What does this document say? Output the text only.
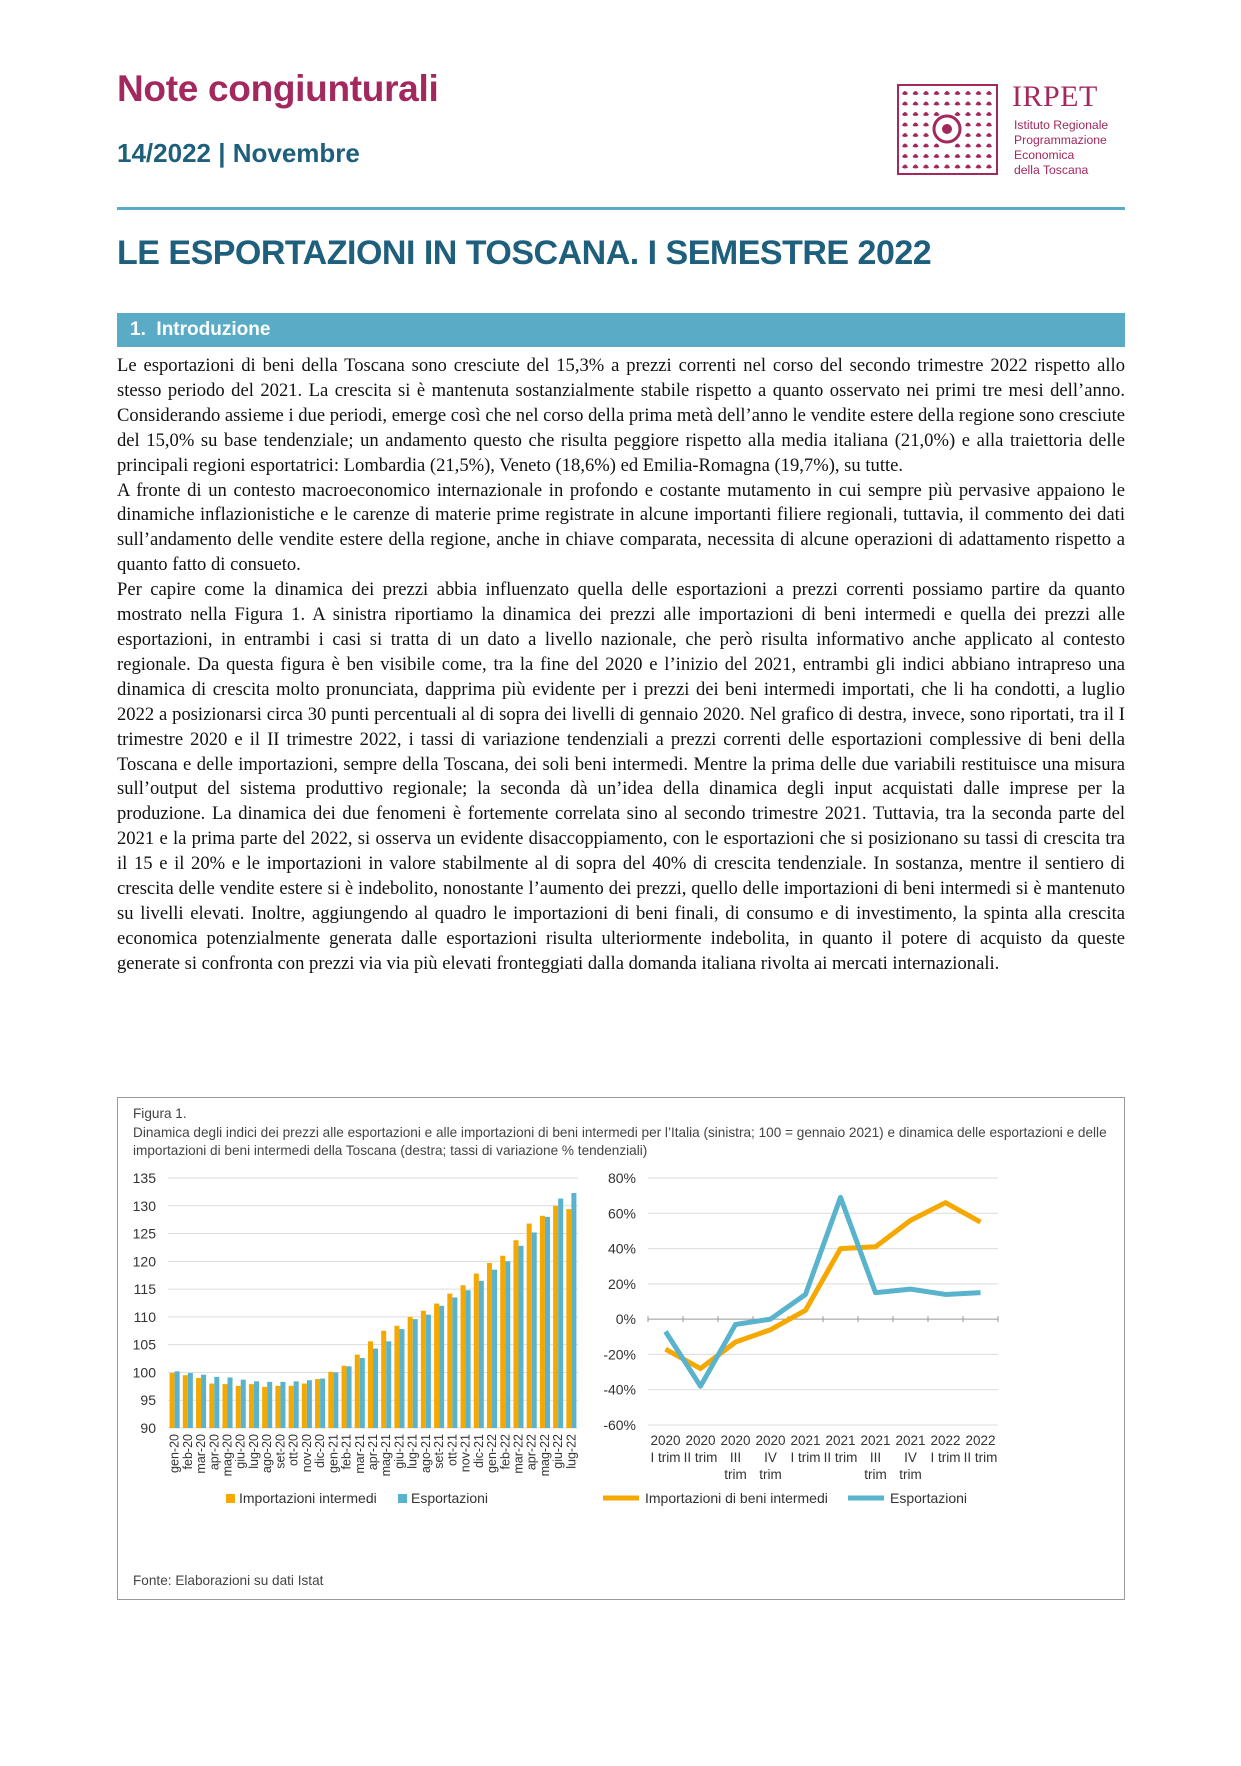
Note congiunturali
14/2022 | Novembre
IRPET
Istituto Regionale
Programmazione
Economica
della Toscana
LE ESPORTAZIONI IN TOSCANA. I SEMESTRE 2022
1. Introduzione

Le esportazioni di beni della Toscana sono cresciute del 15,3% a prezzi correnti nel corso del secondo trimestre 2022 rispetto allo stesso periodo del 2021. La crescita si è mantenuta sostanzialmente stabile rispetto a quanto osservato nei primi tre mesi dell’anno. Considerando assieme i due periodi, emerge così che nel corso della prima metà dell’anno le vendite estere della regione sono cresciute del 15,0% su base tendenziale; un andamento questo che risulta peggiore rispetto alla media italiana (21,0%) e alla traiettoria delle principali regioni esportatrici: Lombardia (21,5%), Veneto (18,6%) ed Emilia-Romagna (19,7%), su tutte.

A fronte di un contesto macroeconomico internazionale in profondo e costante mutamento in cui sempre più pervasive appaiono le dinamiche inflazionistiche e le carenze di materie prime registrate in alcune importanti filiere regionali, tuttavia, il commento dei dati sull’andamento delle vendite estere della regione, anche in chiave comparata, necessita di alcune operazioni di adattamento rispetto a quanto fatto di consueto.

Per capire come la dinamica dei prezzi abbia influenzato quella delle esportazioni a prezzi correnti possiamo partire da quanto mostrato nella Figura 1. A sinistra riportiamo la dinamica dei prezzi alle importazioni di beni intermedi e quella dei prezzi alle esportazioni, in entrambi i casi si tratta di un dato a livello nazionale, che però risulta informativo anche applicato al contesto regionale. Da questa figura è ben visibile come, tra la fine del 2020 e l’inizio del 2021, entrambi gli indici abbiano intrapreso una dinamica di crescita molto pronunciata, dapprima più evidente per i prezzi dei beni intermedi importati, che li ha condotti, a luglio 2022 a posizionarsi circa 30 punti percentuali al di sopra dei livelli di gennaio 2020. Nel grafico di destra, invece, sono riportati, tra il I trimestre 2020 e il II trimestre 2022, i tassi di variazione tendenziali a prezzi correnti delle esportazioni complessive di beni della Toscana e delle importazioni, sempre della Toscana, dei soli beni intermedi. Mentre la prima delle due variabili restituisce una misura sull’output del sistema produttivo regionale; la seconda dà un’idea della dinamica degli input acquistati dalle imprese per la produzione. La dinamica dei due fenomeni è fortemente correlata sino al secondo trimestre 2021. Tuttavia, tra la seconda parte del 2021 e la prima parte del 2022, si osserva un evidente disaccoppiamento, con le esportazioni che si posizionano su tassi di crescita tra il 15 e il 20% e le importazioni in valore stabilmente al di sopra del 40% di crescita tendenziale. In sostanza, mentre il sentiero di crescita delle vendite estere si è indebolito, nonostante l’aumento dei prezzi, quello delle importazioni di beni intermedi si è mantenuto su livelli elevati. Inoltre, aggiungendo al quadro le importazioni di beni finali, di consumo e di investimento, la spinta alla crescita economica potenzialmente generata dalle esportazioni risulta ulteriormente indebolita, in quanto il potere di acquisto da queste generate si confronta con prezzi via via più elevati fronteggiati dalla domanda italiana rivolta ai mercati internazionali.

Figura 1.
Dinamica degli indici dei prezzi alle esportazioni e alle importazioni di beni intermedi per l’Italia (sinistra; 100 = gennaio 2021) e dinamica delle esportazioni e delle importazioni di beni intermedi della Toscana (destra; tassi di variazione % tendenziali)
135
130
125
120
115
110
105
100
95
90
gen-20 feb-20 mar-20 apr-20 mag-20 giu-20 lug-20 ago-20 set-20 ott-20 nov-20 dic-20 gen-21 feb-21 mar-21 apr-21 mag-21 giu-21 lug-21 ago-21 set-21 ott-21 nov-21 dic-21 gen-22 feb-22 mar-22 apr-22 mag-22 giu-22 lug-22
Importazioni intermedi Esportazioni
80%
60%
40%
20%
0%
-20%
-40%
-60%
2020 I trim
2020 II trim
2020 III trim
2020 IV trim
2021 I trim
2021 II trim
2021 III trim
2021 IV trim
2022 I trim
2022 II trim
Importazioni di beni intermedi	Esportazioni
Fonte: Elaborazioni su dati Istat
